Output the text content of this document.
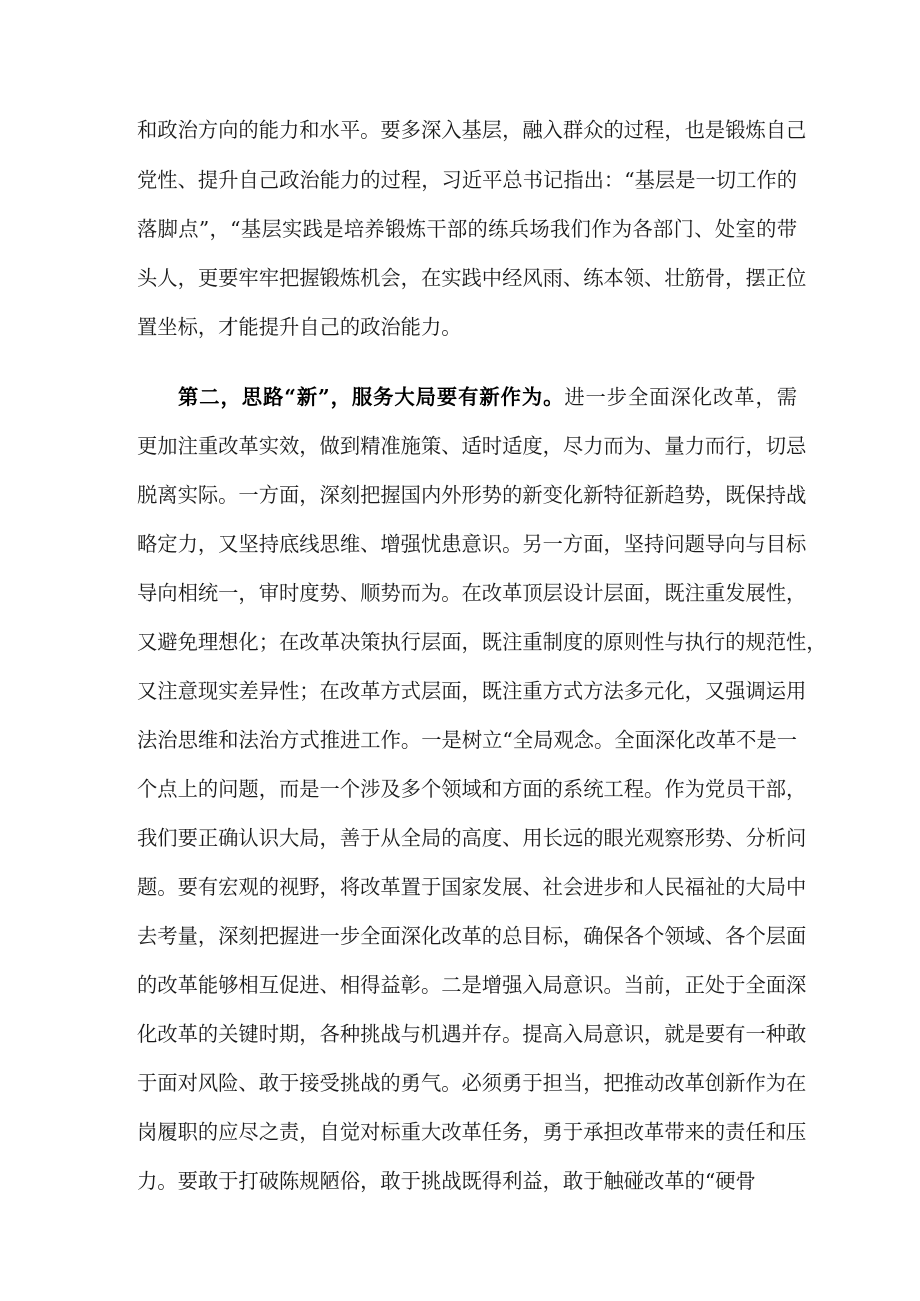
和政治方向的能力和水平。要多深入基层，融入群众的过程，也是锻炼自己
党性、提升自己政治能力的过程，习近平总书记指出：“基层是一切工作的
落脚点”，“基层实践是培养锻炼干部的练兵场我们作为各部门、处室的带
头人，更要牢牢把握锻炼机会，在实践中经风雨、练本领、壮筋骨，摆正位
置坐标，才能提升自己的政治能力。
第二，思路“新”，服务大局要有新作为。进一步全面深化改革，需
更加注重改革实效，做到精准施策、适时适度，尽力而为、量力而行，切忌
脱离实际。一方面，深刻把握国内外形势的新变化新特征新趋势，既保持战
略定力，又坚持底线思维、增强忧患意识。另一方面，坚持问题导向与目标
导向相统一，审时度势、顺势而为。在改革顶层设计层面，既注重发展性，
又避免理想化；在改革决策执行层面，既注重制度的原则性与执行的规范性，
又注意现实差异性；在改革方式层面，既注重方式方法多元化，又强调运用
法治思维和法治方式推进工作。一是树立“全局观念。全面深化改革不是一
个点上的问题，而是一个涉及多个领域和方面的系统工程。作为党员干部，
我们要正确认识大局，善于从全局的高度、用长远的眼光观察形势、分析问
题。要有宏观的视野，将改革置于国家发展、社会进步和人民福祉的大局中
去考量，深刻把握进一步全面深化改革的总目标，确保各个领域、各个层面
的改革能够相互促进、相得益彰。二是增强入局意识。当前，正处于全面深
化改革的关键时期，各种挑战与机遇并存。提高入局意识，就是要有一种敢
于面对风险、敢于接受挑战的勇气。必须勇于担当，把推动改革创新作为在
岗履职的应尽之责，自觉对标重大改革任务，勇于承担改革带来的责任和压
力。要敢于打破陈规陋俗，敢于挑战既得利益，敢于触碰改革的“硬骨
